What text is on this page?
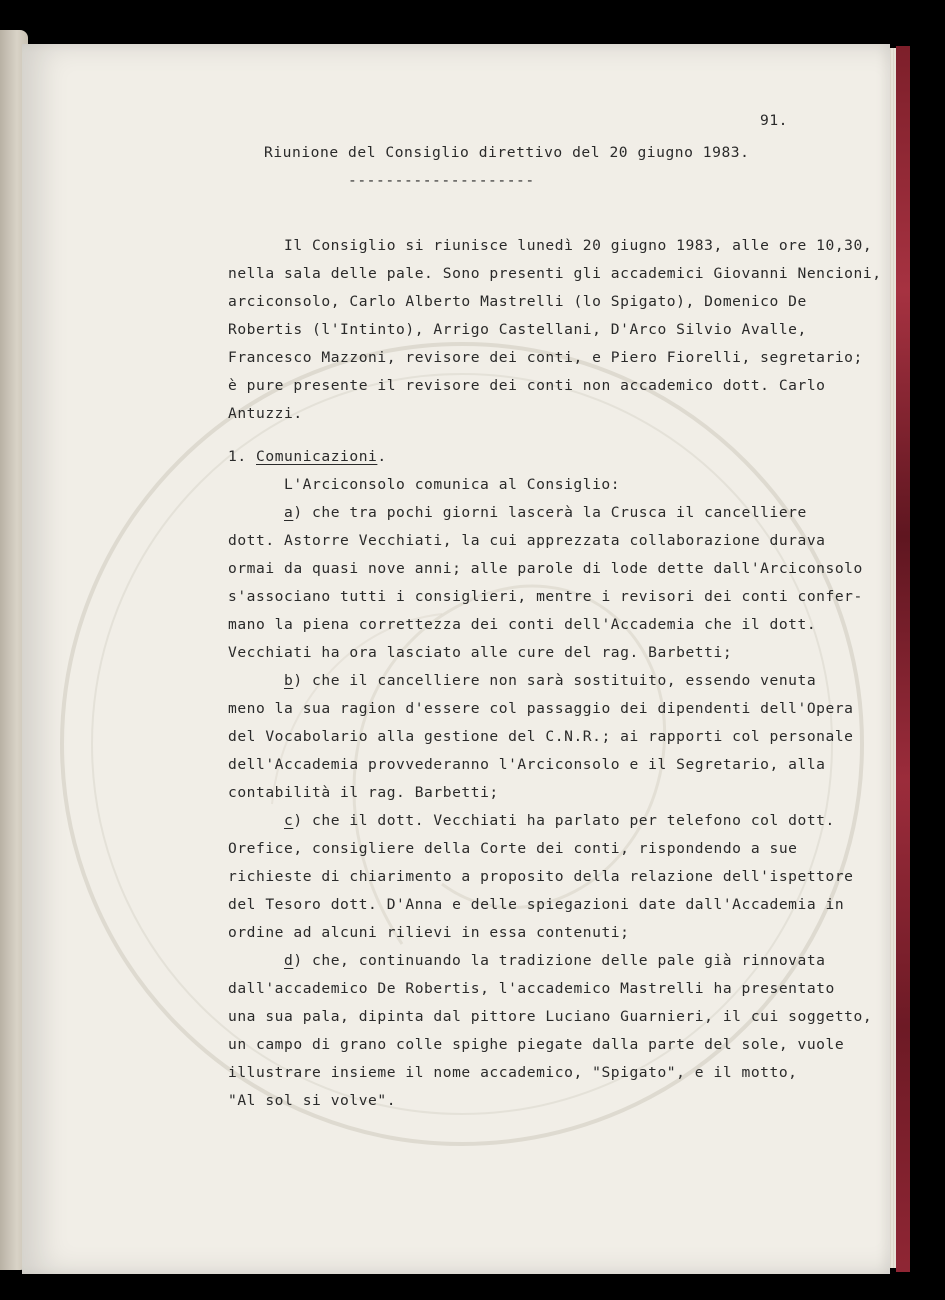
91.
Riunione del Consiglio direttivo del 20 giugno 1983.
--------------------
Il Consiglio si riunisce lunedì 20 giugno 1983, alle ore 10,30,
nella sala delle pale. Sono presenti gli accademici Giovanni Nencioni,
arciconsolo, Carlo Alberto Mastrelli (lo Spigato), Domenico De
Robertis (l'Intinto), Arrigo Castellani, D'Arco Silvio Avalle,
Francesco Mazzoni, revisore dei conti, e Piero Fiorelli, segretario;
è pure presente il revisore dei conti non accademico dott. Carlo
Antuzzi.
1. Comunicazioni.
L'Arciconsolo comunica al Consiglio:
a) che tra pochi giorni lascerà la Crusca il cancelliere
dott. Astorre Vecchiati, la cui apprezzata collaborazione durava
ormai da quasi nove anni; alle parole di lode dette dall'Arciconsolo
s'associano tutti i consiglieri, mentre i revisori dei conti confer-
mano la piena correttezza dei conti dell'Accademia che il dott.
Vecchiati ha ora lasciato alle cure del rag. Barbetti;
b) che il cancelliere non sarà sostituito, essendo venuta
meno la sua ragion d'essere col passaggio dei dipendenti dell'Opera
del Vocabolario alla gestione del C.N.R.; ai rapporti col personale
dell'Accademia provvederanno l'Arciconsolo e il Segretario, alla
contabilità il rag. Barbetti;
c) che il dott. Vecchiati ha parlato per telefono col dott.
Orefice, consigliere della Corte dei conti, rispondendo a sue
richieste di chiarimento a proposito della relazione dell'ispettore
del Tesoro dott. D'Anna e delle spiegazioni date dall'Accademia in
ordine ad alcuni rilievi in essa contenuti;
d) che, continuando la tradizione delle pale già rinnovata
dall'accademico De Robertis, l'accademico Mastrelli ha presentato
una sua pala, dipinta dal pittore Luciano Guarnieri, il cui soggetto,
un campo di grano colle spighe piegate dalla parte del sole, vuole
illustrare insieme il nome accademico, "Spigato", e il motto,
"Al sol si volve".
